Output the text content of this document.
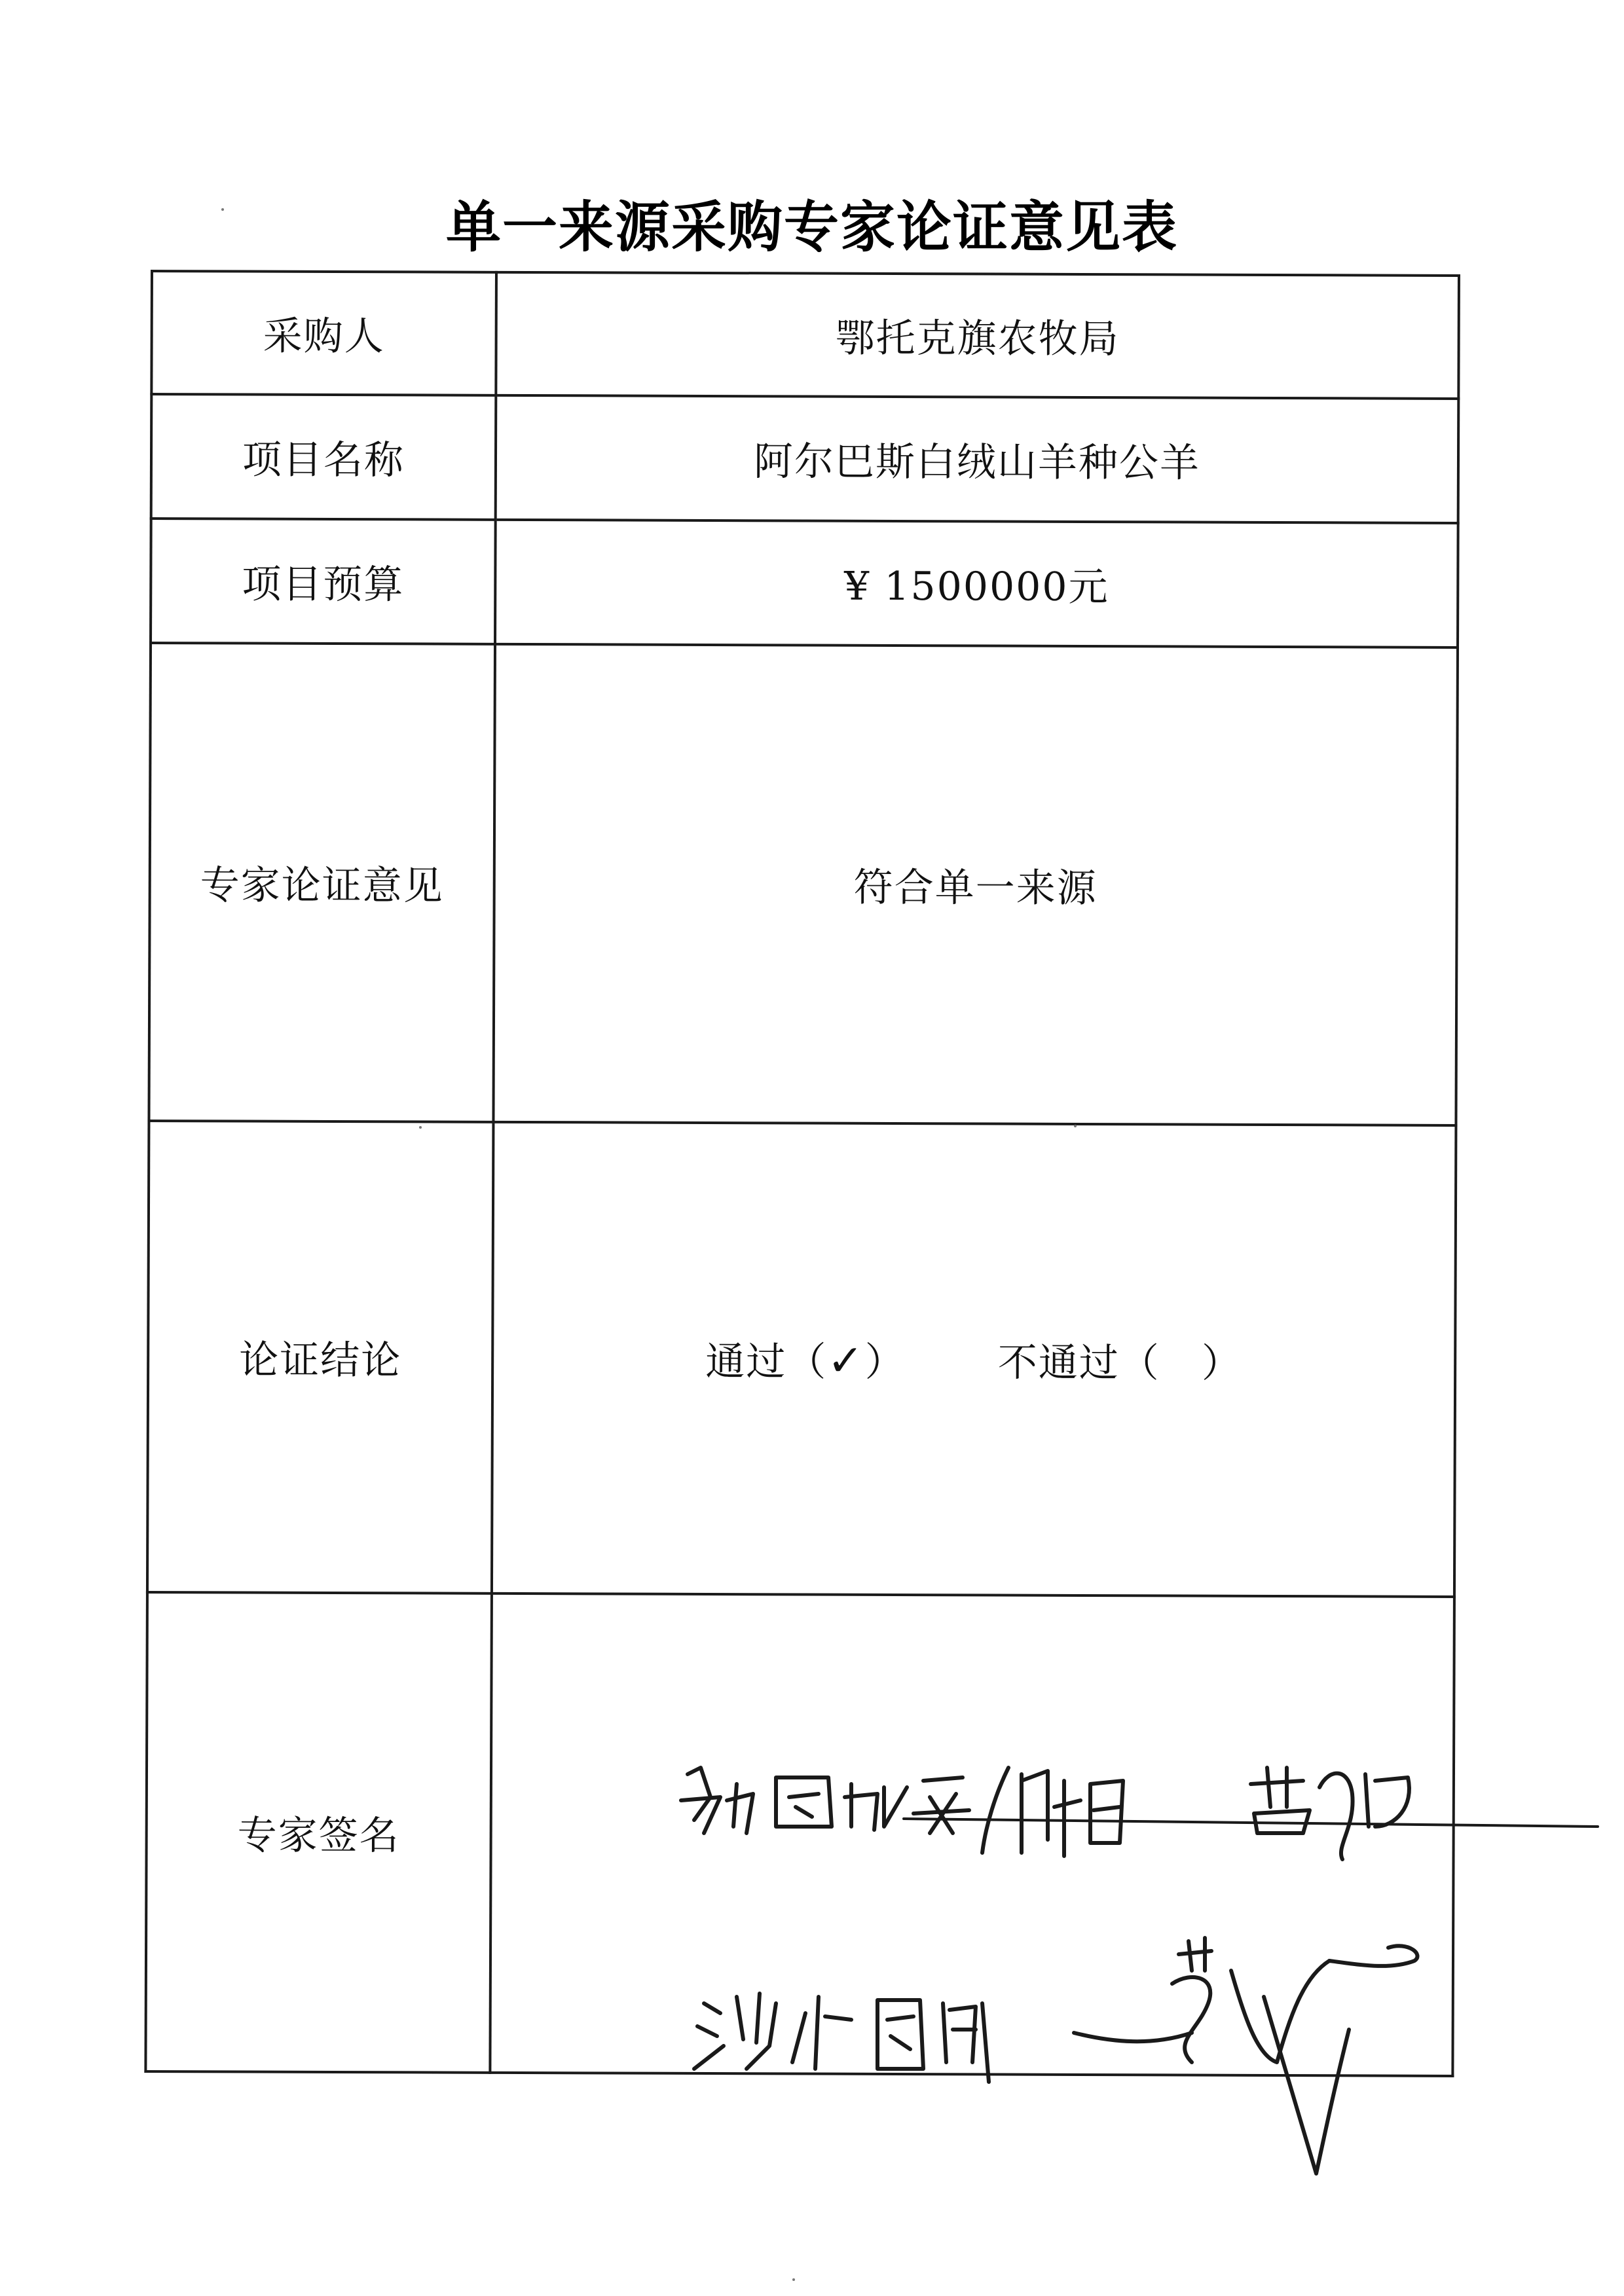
单一来源采购专家论证意见表
采购人	鄂托克旗农牧局
项目名称	阿尔巴斯白绒山羊种公羊
项目预算	¥ 1500000元
专家论证意见	符合单一来源
论证结论	通过（✓） 不通过（ ）
专家签名	
